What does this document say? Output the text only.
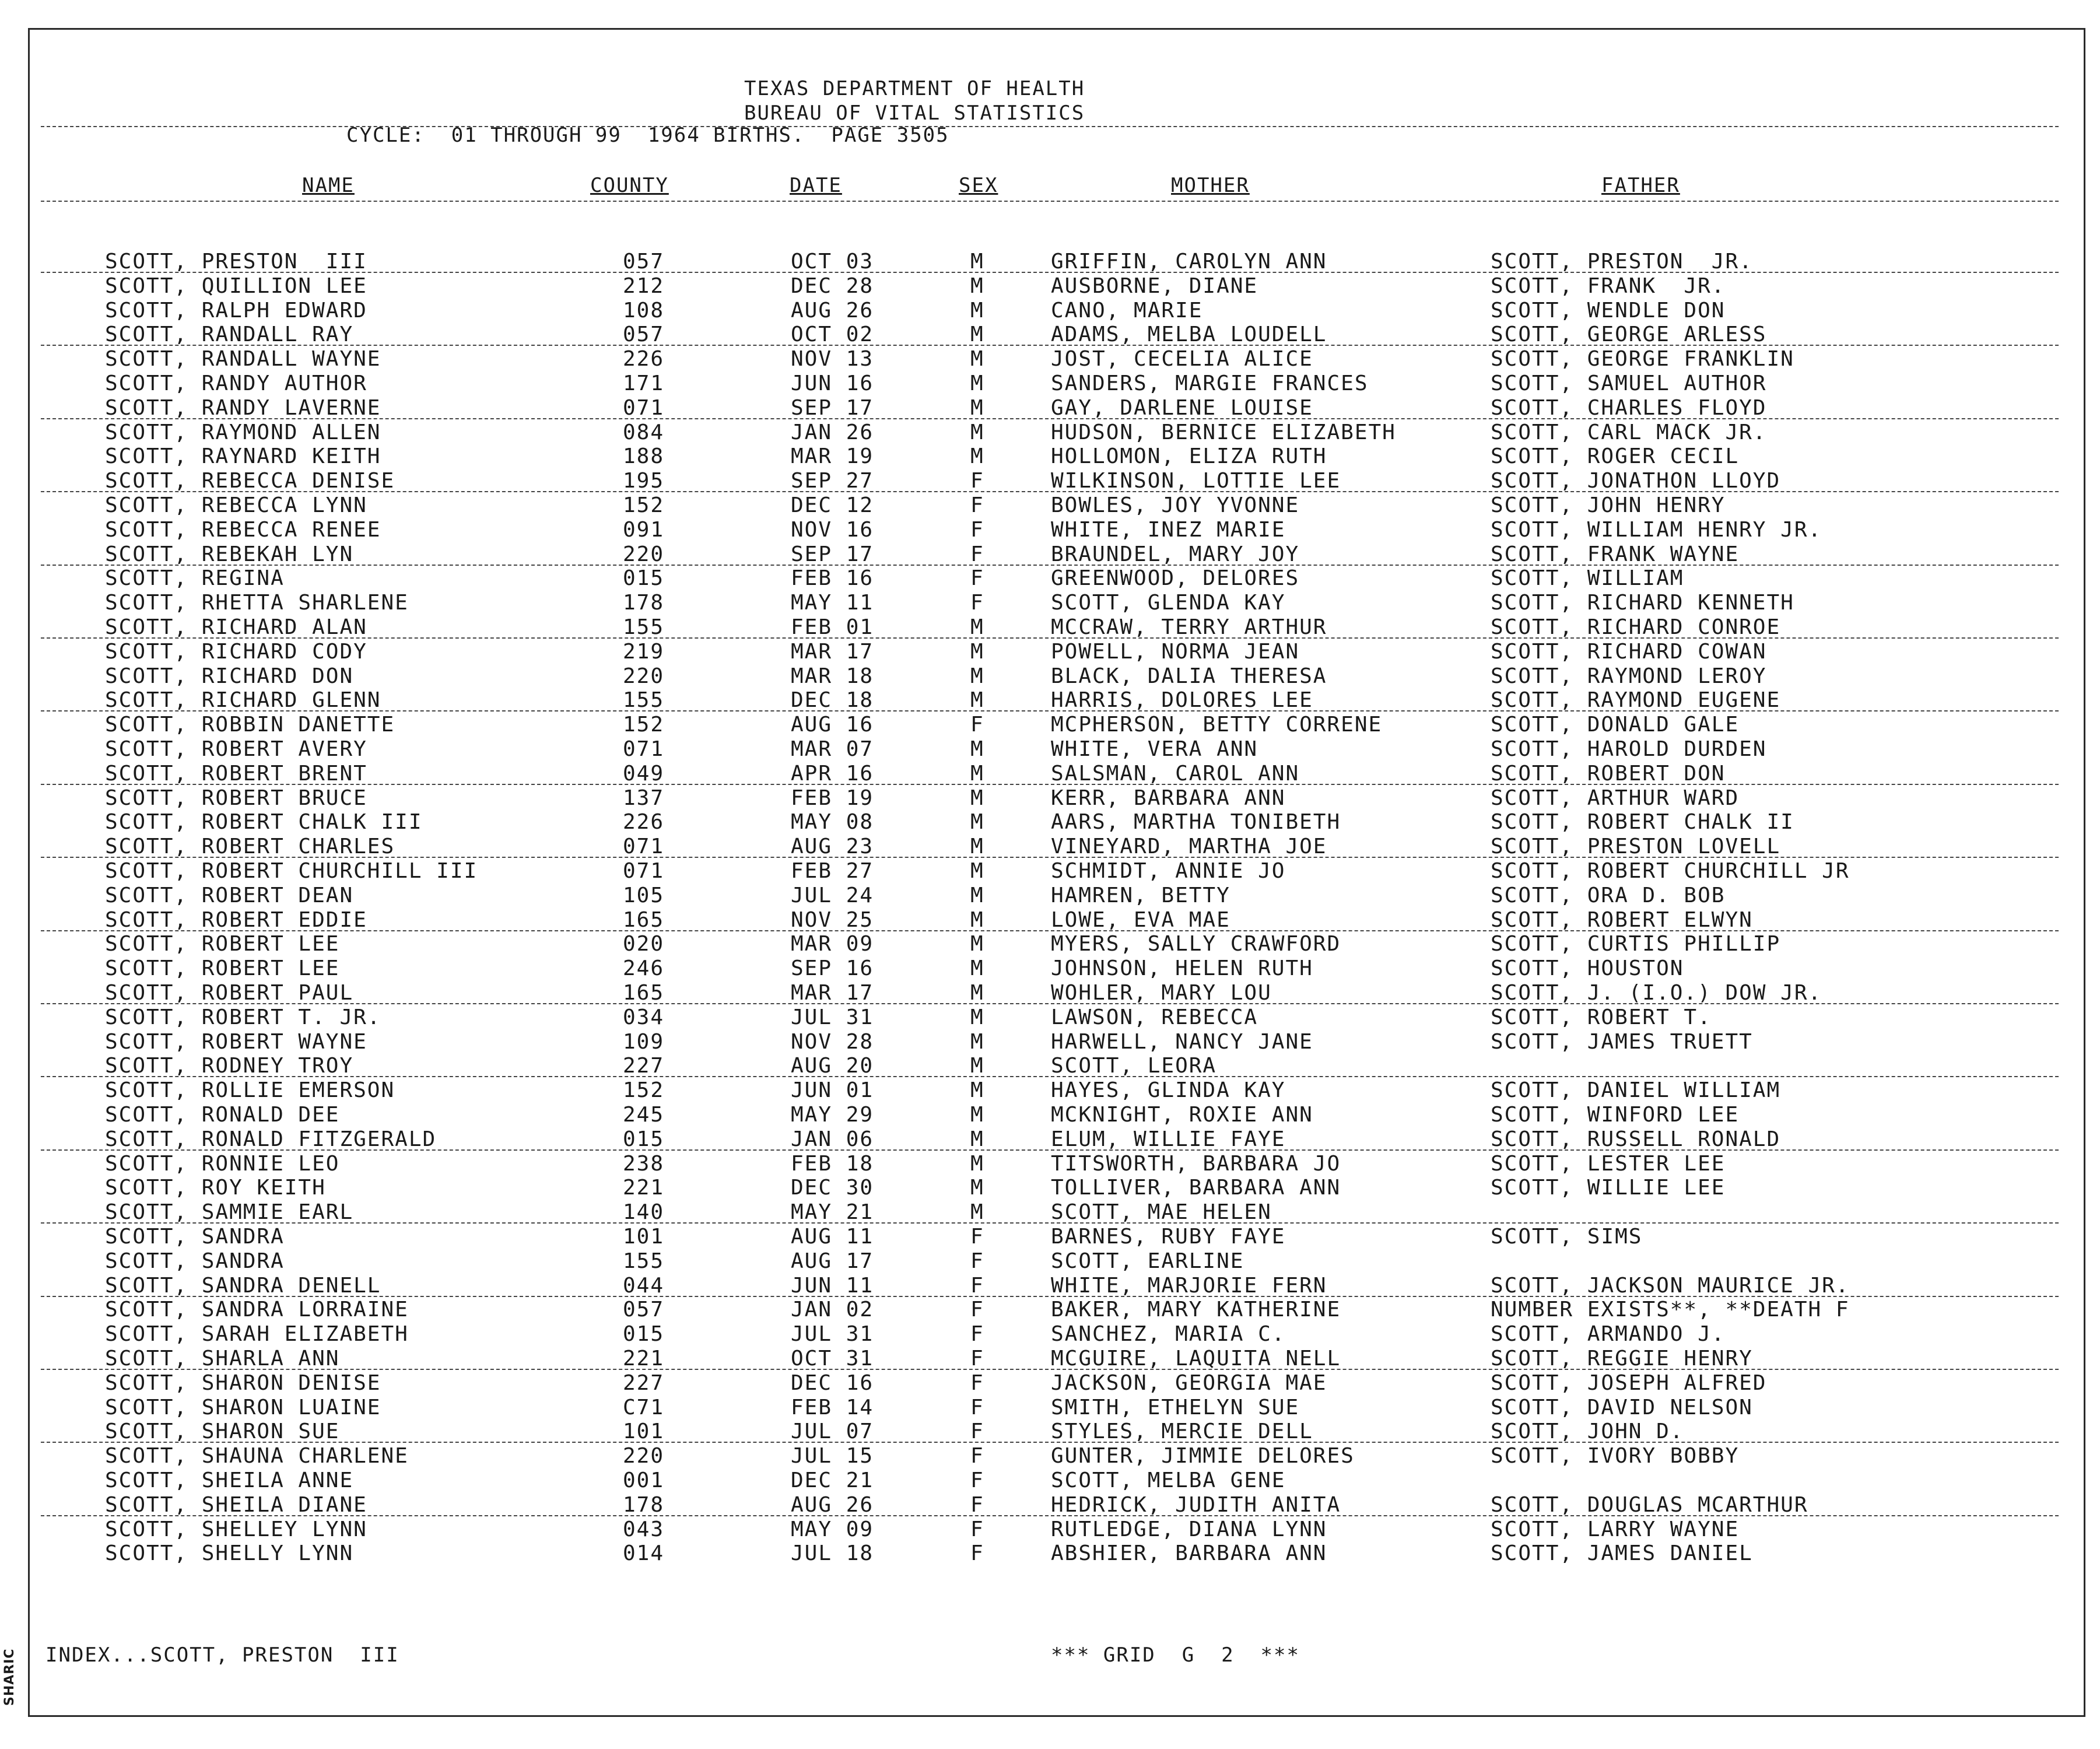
SHARIC
TEXAS DEPARTMENT OF HEALTH
BUREAU OF VITAL STATISTICS
CYCLE:  01 THROUGH 99  1964 BIRTHS.  PAGE 3505
NAME	COUNTY	DATE	SEX	MOTHER	FATHER
SCOTT, PRESTON  III	057	OCT 03	M	GRIFFIN, CAROLYN ANN	SCOTT, PRESTON  JR.
SCOTT, QUILLION LEE	212	DEC 28	M	AUSBORNE, DIANE	SCOTT, FRANK  JR.
SCOTT, RALPH EDWARD	108	AUG 26	M	CANO, MARIE	SCOTT, WENDLE DON
SCOTT, RANDALL RAY	057	OCT 02	M	ADAMS, MELBA LOUDELL	SCOTT, GEORGE ARLESS
SCOTT, RANDALL WAYNE	226	NOV 13	M	JOST, CECELIA ALICE	SCOTT, GEORGE FRANKLIN
SCOTT, RANDY AUTHOR	171	JUN 16	M	SANDERS, MARGIE FRANCES	SCOTT, SAMUEL AUTHOR
SCOTT, RANDY LAVERNE	071	SEP 17	M	GAY, DARLENE LOUISE	SCOTT, CHARLES FLOYD
SCOTT, RAYMOND ALLEN	084	JAN 26	M	HUDSON, BERNICE ELIZABETH	SCOTT, CARL MACK JR.
SCOTT, RAYNARD KEITH	188	MAR 19	M	HOLLOMON, ELIZA RUTH	SCOTT, ROGER CECIL
SCOTT, REBECCA DENISE	195	SEP 27	F	WILKINSON, LOTTIE LEE	SCOTT, JONATHON LLOYD
SCOTT, REBECCA LYNN	152	DEC 12	F	BOWLES, JOY YVONNE	SCOTT, JOHN HENRY
SCOTT, REBECCA RENEE	091	NOV 16	F	WHITE, INEZ MARIE	SCOTT, WILLIAM HENRY JR.
SCOTT, REBEKAH LYN	220	SEP 17	F	BRAUNDEL, MARY JOY	SCOTT, FRANK WAYNE
SCOTT, REGINA	015	FEB 16	F	GREENWOOD, DELORES	SCOTT, WILLIAM
SCOTT, RHETTA SHARLENE	178	MAY 11	F	SCOTT, GLENDA KAY	SCOTT, RICHARD KENNETH
SCOTT, RICHARD ALAN	155	FEB 01	M	MCCRAW, TERRY ARTHUR	SCOTT, RICHARD CONROE
SCOTT, RICHARD CODY	219	MAR 17	M	POWELL, NORMA JEAN	SCOTT, RICHARD COWAN
SCOTT, RICHARD DON	220	MAR 18	M	BLACK, DALIA THERESA	SCOTT, RAYMOND LEROY
SCOTT, RICHARD GLENN	155	DEC 18	M	HARRIS, DOLORES LEE	SCOTT, RAYMOND EUGENE
SCOTT, ROBBIN DANETTE	152	AUG 16	F	MCPHERSON, BETTY CORRENE	SCOTT, DONALD GALE
SCOTT, ROBERT AVERY	071	MAR 07	M	WHITE, VERA ANN	SCOTT, HAROLD DURDEN
SCOTT, ROBERT BRENT	049	APR 16	M	SALSMAN, CAROL ANN	SCOTT, ROBERT DON
SCOTT, ROBERT BRUCE	137	FEB 19	M	KERR, BARBARA ANN	SCOTT, ARTHUR WARD
SCOTT, ROBERT CHALK III	226	MAY 08	M	AARS, MARTHA TONIBETH	SCOTT, ROBERT CHALK II
SCOTT, ROBERT CHARLES	071	AUG 23	M	VINEYARD, MARTHA JOE	SCOTT, PRESTON LOVELL
SCOTT, ROBERT CHURCHILL III	071	FEB 27	M	SCHMIDT, ANNIE JO	SCOTT, ROBERT CHURCHILL JR
SCOTT, ROBERT DEAN	105	JUL 24	M	HAMREN, BETTY	SCOTT, ORA D. BOB
SCOTT, ROBERT EDDIE	165	NOV 25	M	LOWE, EVA MAE	SCOTT, ROBERT ELWYN
SCOTT, ROBERT LEE	020	MAR 09	M	MYERS, SALLY CRAWFORD	SCOTT, CURTIS PHILLIP
SCOTT, ROBERT LEE	246	SEP 16	M	JOHNSON, HELEN RUTH	SCOTT, HOUSTON
SCOTT, ROBERT PAUL	165	MAR 17	M	WOHLER, MARY LOU	SCOTT, J. (I.O.) DOW JR.
SCOTT, ROBERT T. JR.	034	JUL 31	M	LAWSON, REBECCA	SCOTT, ROBERT T.
SCOTT, ROBERT WAYNE	109	NOV 28	M	HARWELL, NANCY JANE	SCOTT, JAMES TRUETT
SCOTT, RODNEY TROY	227	AUG 20	M	SCOTT, LEORA
SCOTT, ROLLIE EMERSON	152	JUN 01	M	HAYES, GLINDA KAY	SCOTT, DANIEL WILLIAM
SCOTT, RONALD DEE	245	MAY 29	M	MCKNIGHT, ROXIE ANN	SCOTT, WINFORD LEE
SCOTT, RONALD FITZGERALD	015	JAN 06	M	ELUM, WILLIE FAYE	SCOTT, RUSSELL RONALD
SCOTT, RONNIE LEO	238	FEB 18	M	TITSWORTH, BARBARA JO	SCOTT, LESTER LEE
SCOTT, ROY KEITH	221	DEC 30	M	TOLLIVER, BARBARA ANN	SCOTT, WILLIE LEE
SCOTT, SAMMIE EARL	140	MAY 21	M	SCOTT, MAE HELEN
SCOTT, SANDRA	101	AUG 11	F	BARNES, RUBY FAYE	SCOTT, SIMS
SCOTT, SANDRA	155	AUG 17	F	SCOTT, EARLINE
SCOTT, SANDRA DENELL	044	JUN 11	F	WHITE, MARJORIE FERN	SCOTT, JACKSON MAURICE JR.
SCOTT, SANDRA LORRAINE	057	JAN 02	F	BAKER, MARY KATHERINE	NUMBER EXISTS**, **DEATH F
SCOTT, SARAH ELIZABETH	015	JUL 31	F	SANCHEZ, MARIA C.	SCOTT, ARMANDO J.
SCOTT, SHARLA ANN	221	OCT 31	F	MCGUIRE, LAQUITA NELL	SCOTT, REGGIE HENRY
SCOTT, SHARON DENISE	227	DEC 16	F	JACKSON, GEORGIA MAE	SCOTT, JOSEPH ALFRED
SCOTT, SHARON LUAINE	C71	FEB 14	F	SMITH, ETHELYN SUE	SCOTT, DAVID NELSON
SCOTT, SHARON SUE	101	JUL 07	F	STYLES, MERCIE DELL	SCOTT, JOHN D.
SCOTT, SHAUNA CHARLENE	220	JUL 15	F	GUNTER, JIMMIE DELORES	SCOTT, IVORY BOBBY
SCOTT, SHEILA ANNE	001	DEC 21	F	SCOTT, MELBA GENE
SCOTT, SHEILA DIANE	178	AUG 26	F	HEDRICK, JUDITH ANITA	SCOTT, DOUGLAS MCARTHUR
SCOTT, SHELLEY LYNN	043	MAY 09	F	RUTLEDGE, DIANA LYNN	SCOTT, LARRY WAYNE
SCOTT, SHELLY LYNN	014	JUL 18	F	ABSHIER, BARBARA ANN	SCOTT, JAMES DANIEL
INDEX...SCOTT, PRESTON  III	*** GRID  G  2  ***
